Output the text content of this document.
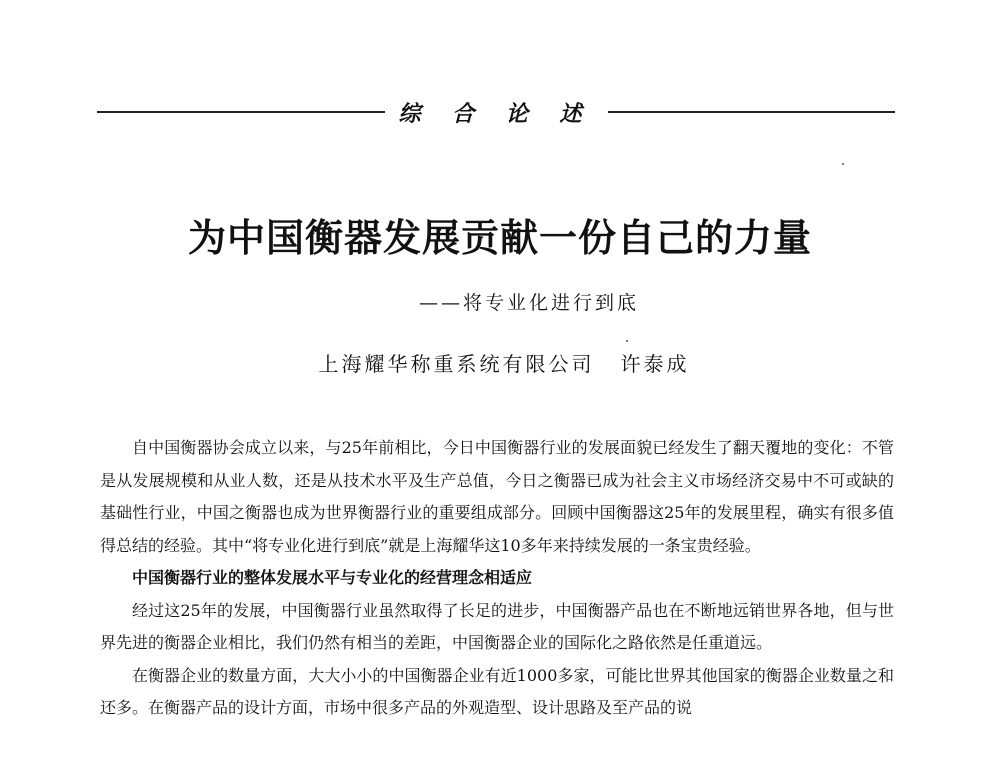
综 合 论 述
为中国衡器发展贡献一份自己的力量
——将专业化进行到底
上海耀华称重系统有限公司 许泰成

自中国衡器协会成立以来，与25年前相比，今日中国衡器行业的发展面貌已经发生了翻天覆地的变化：不管是从发展规模和从业人数，还是从技术水平及生产总值，今日之衡器已成为社会主义市场经济交易中不可或缺的基础性行业，中国之衡器也成为世界衡器行业的重要组成部分。回顾中国衡器这25年的发展里程，确实有很多值得总结的经验。其中“将专业化进行到底”就是上海耀华这10多年来持续发展的一条宝贵经验。

中国衡器行业的整体发展水平与专业化的经营理念相适应

经过这25年的发展，中国衡器行业虽然取得了长足的进步，中国衡器产品也在不断地远销世界各地，但与世界先进的衡器企业相比，我们仍然有相当的差距，中国衡器企业的国际化之路依然是任重道远。

在衡器企业的数量方面，大大小小的中国衡器企业有近1000多家，可能比世界其他国家的衡器企业数量之和还多。在衡器产品的设计方面，市场中很多产品的外观造型、设计思路及至产品的说
